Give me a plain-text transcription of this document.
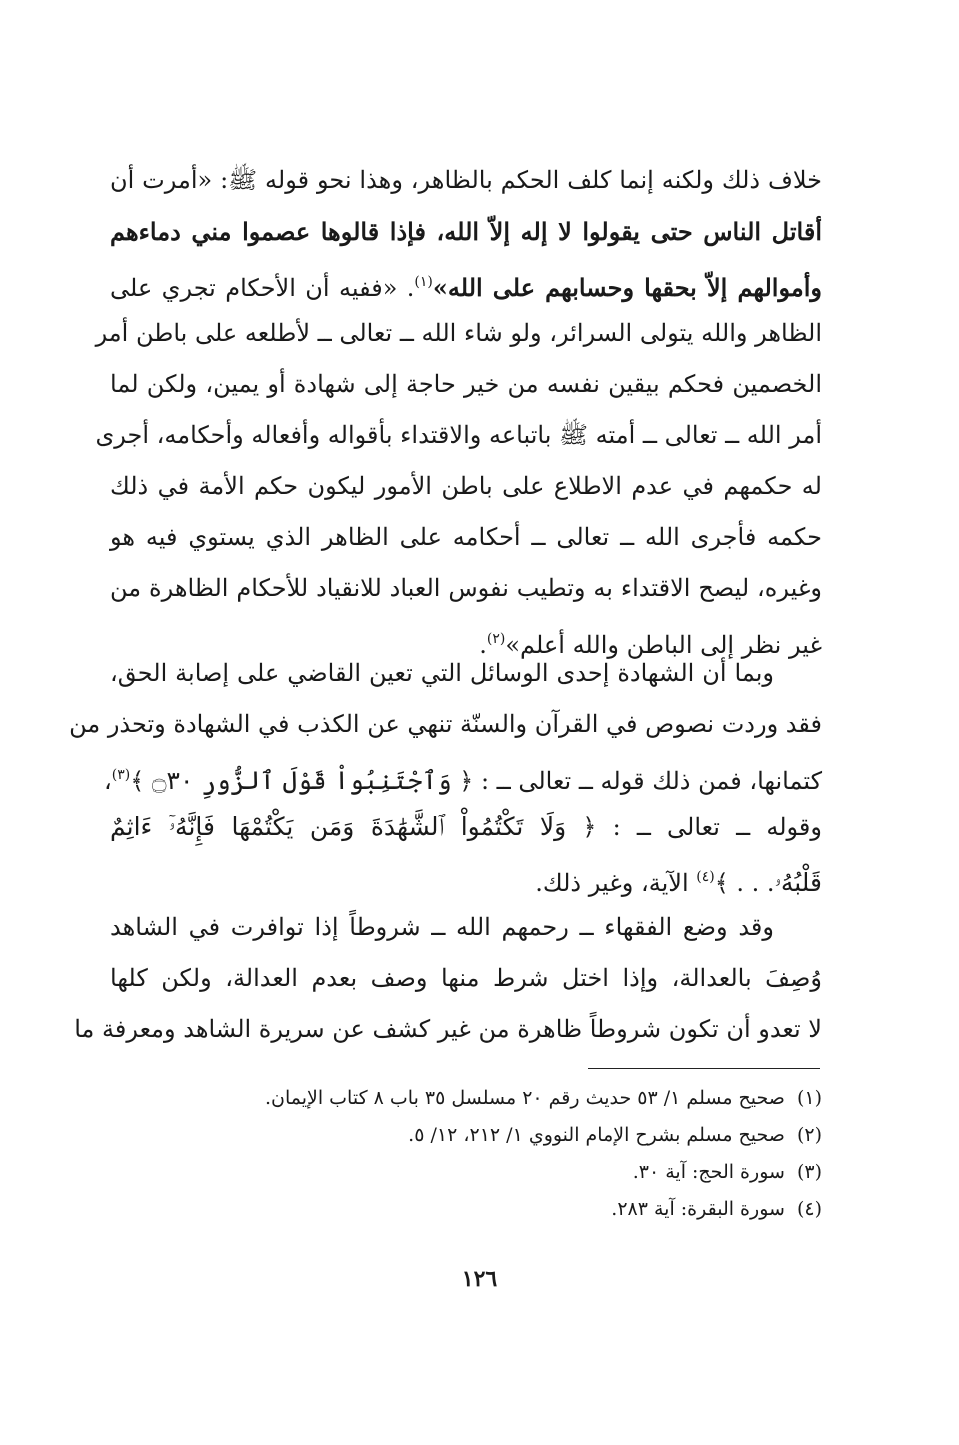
خلاف ذلك ولكنه إنما كلف الحكم بالظاهر، وهذا نحو قوله ﷺ: «أمرت أن
أقاتل الناس حتى يقولوا لا إله إلاّ الله، فإذا قالوها عصموا مني دماءهم
وأموالهم إلاّ بحقها وحسابهم على الله»$^{(١)}$. «ففيه أن الأحكام تجري على
الظاهر والله يتولى السرائر، ولو شاء الله ــ تعالى ــ لأطلعه على باطن أمر
الخصمين فحكم بيقين نفسه من خير حاجة إلى شهادة أو يمين، ولكن لما
أمر الله ــ تعالى ــ أمته ﷺ باتباعه والاقتداء بأقواله وأفعاله وأحكامه، أجرى
له حكمهم في عدم الاطلاع على باطن الأمور ليكون حكم الأمة في ذلك
حكمه فأجرى الله ــ تعالى ــ أحكامه على الظاهر الذي يستوي فيه هو
وغيره، ليصح الاقتداء به وتطيب نفوس العباد للانقياد للأحكام الظاهرة من
غير نظر إلى الباطن والله أعلم»$^{(٢)}$.
وبما أن الشهادة إحدى الوسائل التي تعين القاضي على إصابة الحق،
فقد وردت نصوص في القرآن والسنّة تنهي عن الكذب في الشهادة وتحذر من
كتمانها، فمن ذلك قوله ــ تعالى ــ : ﴿ وَٱجْتَنِبُواْ قَوْلَ ٱلزُّورِ ۝٣٠ ﴾$^{(٣)}$،
وقوله ــ تعالى ــ : ﴿ وَلَا تَكْتُمُواْ ٱلشَّهَٰدَةَ وَمَن يَكْتُمْهَا فَإِنَّهُۥٓ ءَاثِمٌ
قَلْبُهُۥ. . . ﴾$^{(٤)}$ الآية، وغير ذلك.
وقد وضع الفقهاء ــ رحمهم الله ــ شروطاً إذا توافرت في الشاهد
وُصِفَ بالعدالة، وإذا اختل شرط منها وصف بعدم العدالة، ولكن كلها
لا تعدو أن تكون شروطاً ظاهرة من غير كشف عن سريرة الشاهد ومعرفة ما
(١)صحيح مسلم ١/ ٥٣ حديث رقم ٢٠ مسلسل ٣٥ باب ٨ كتاب الإيمان.
(٢)صحيح مسلم بشرح الإمام النووي ١/ ٢١٢، ١٢/ ٥.
(٣)سورة الحج: آية ٣٠.
(٤)سورة البقرة: آية ٢٨٣.
١٢٦
